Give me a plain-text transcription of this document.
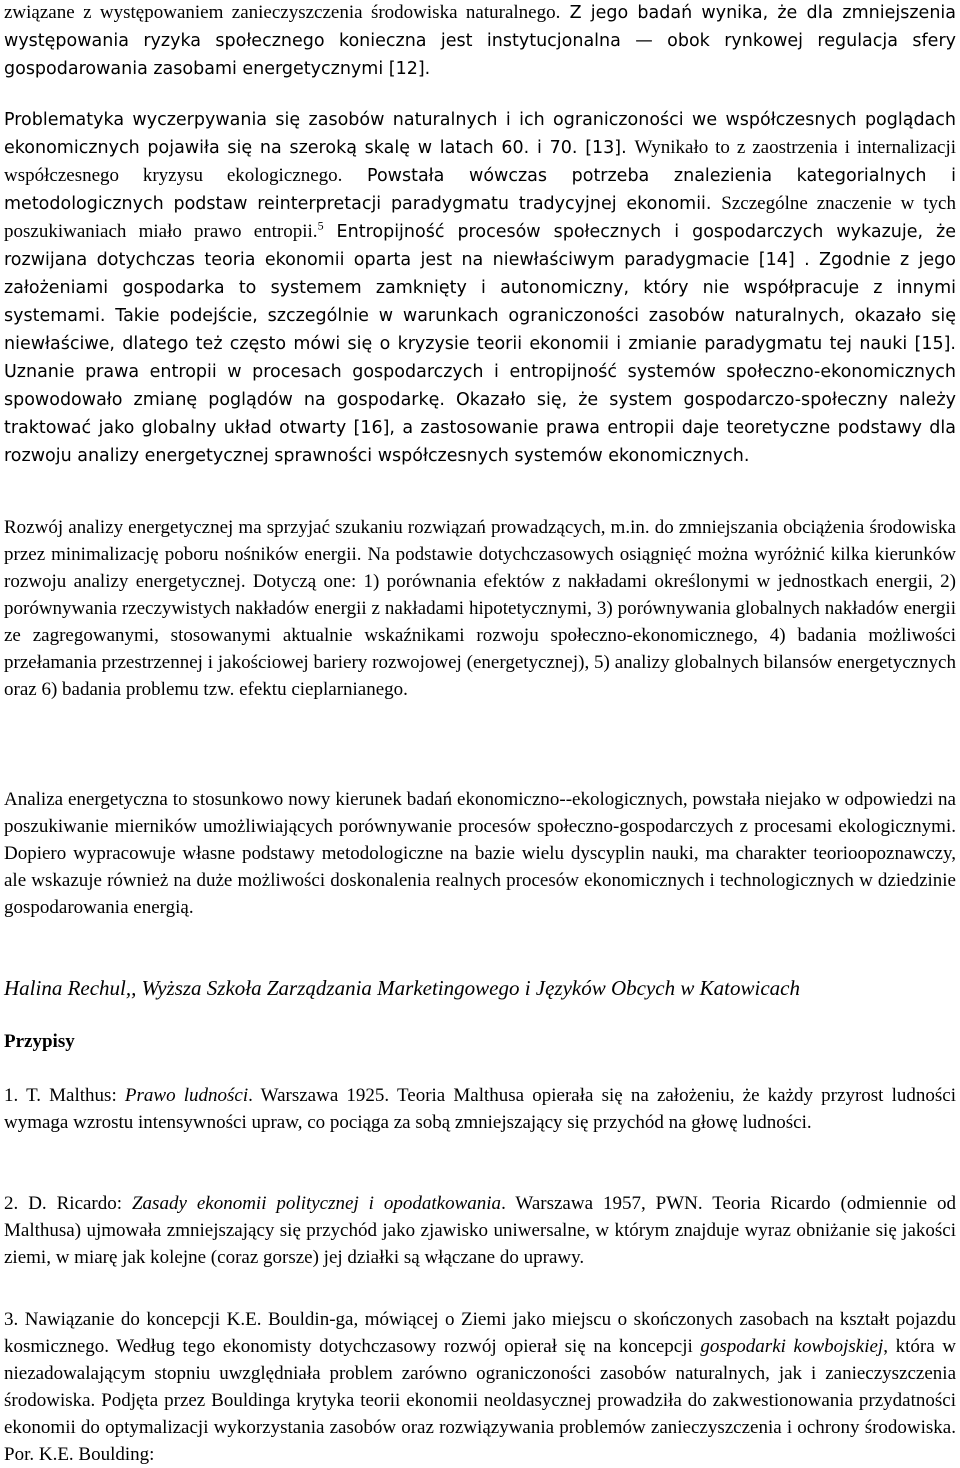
związane z występowaniem zanieczyszczenia środowiska naturalnego. Z jego badań wynika, że dla zmniejszenia występowania ryzyka społecznego konieczna jest instytucjonalna — obok rynkowej regulacja sfery gospodarowania zasobami energetycznymi [12].

Problematyka wyczerpywania się zasobów naturalnych i ich ograniczoności we współczesnych poglądach ekonomicznych pojawiła się na szeroką skalę w latach 60. i 70. [13]. Wynikało to z zaostrzenia i internalizacji współczesnego kryzysu ekologicznego. Powstała wówczas potrzeba znalezienia kategorialnych i metodologicznych podstaw reinterpretacji paradygmatu tradycyjnej ekonomii. Szczególne znaczenie w tych poszukiwaniach miało prawo entropii.$^5$ Entropijność procesów społecznych i gospodarczych wykazuje, że rozwijana dotychczas teoria ekonomii oparta jest na niewłaściwym paradygmacie [14] . Zgodnie z jego założeniami gospodarka to systemem zamknięty i autonomiczny, który nie współpracuje z innymi systemami. Takie podejście, szczególnie w warunkach ograniczoności zasobów naturalnych, okazało się niewłaściwe, dlatego też często mówi się o kryzysie teorii ekonomii i zmianie paradygmatu tej nauki [15]. Uznanie prawa entropii w procesach gospodarczych i entropijność systemów społeczno-ekonomicznych spowodowało zmianę poglądów na gospodarkę. Okazało się, że system gospodarczo-społeczny należy traktować jako globalny układ otwarty [16], a zastosowanie prawa entropii daje teoretyczne podstawy dla rozwoju analizy energetycznej sprawności współczesnych systemów ekonomicznych.

Rozwój analizy energetycznej ma sprzyjać szukaniu rozwiązań prowadzących, m.in. do zmniejszania obciążenia środowiska przez minimalizację poboru nośników energii. Na podstawie dotychczasowych osiągnięć można wyróżnić kilka kierunków rozwoju analizy energetycznej. Dotyczą one: 1) porównania efektów z nakładami określonymi w jednostkach energii, 2) porównywania rzeczywistych nakładów energii z nakładami hipotetycznymi, 3) porównywania globalnych nakładów energii ze zagregowanymi, stosowanymi aktualnie wskaźnikami rozwoju społeczno-ekonomicznego, 4) badania możliwości przełamania przestrzennej i jakościowej bariery rozwojowej (energetycznej), 5) analizy globalnych bilansów energetycznych oraz 6) badania problemu tzw. efektu cieplarnianego.

Analiza energetyczna to stosunkowo nowy kierunek badań ekonomiczno--ekologicznych, powstała niejako w odpowiedzi na poszukiwanie mierników umożliwiających porównywanie procesów społeczno-gospodarczych z procesami ekologicznymi. Dopiero wypracowuje własne podstawy metodologiczne na bazie wielu dyscyplin nauki, ma charakter teorioopoznawczy, ale wskazuje również na duże możliwości doskonalenia realnych procesów ekonomicznych i technologicznych w dziedzinie gospodarowania energią.

Halina Rechul,, Wyższa Szkoła Zarządzania Marketingowego i Języków Obcych w Katowicach

Przypisy

1. T. Malthus: Prawo ludności. Warszawa 1925. Teoria Malthusa opierała się na założeniu, że każdy przyrost ludności wymaga wzrostu intensywności upraw, co pociąga za sobą zmniejszający się przychód na głowę ludności.

2. D. Ricardo: Zasady ekonomii politycznej i opodatkowania. Warszawa 1957, PWN. Teoria Ricardo (odmiennie od Malthusa) ujmowała zmniejszający się przychód jako zjawisko uniwersalne, w którym znajduje wyraz obniżanie się jakości ziemi, w miarę jak kolejne (coraz gorsze) jej działki są włączane do uprawy.

3. Nawiązanie do koncepcji K.E. Bouldin-ga, mówiącej o Ziemi jako miejscu o skończonych zasobach na kształt pojazdu kosmicznego. Według tego ekonomisty dotychczasowy rozwój opierał się na koncepcji gospodarki kowbojskiej, która w niezadowalającym stopniu uwzględniała problem zarówno ograniczoności zasobów naturalnych, jak i zanieczyszczenia środowiska. Podjęta przez Bouldinga krytyka teorii ekonomii neoldasycznej prowadziła do zakwestionowania przydatności ekonomii do optymalizacji wykorzystania zasobów oraz rozwiązywania problemów zanieczyszczenia i ochrony środowiska. Por. K.E. Boulding:
